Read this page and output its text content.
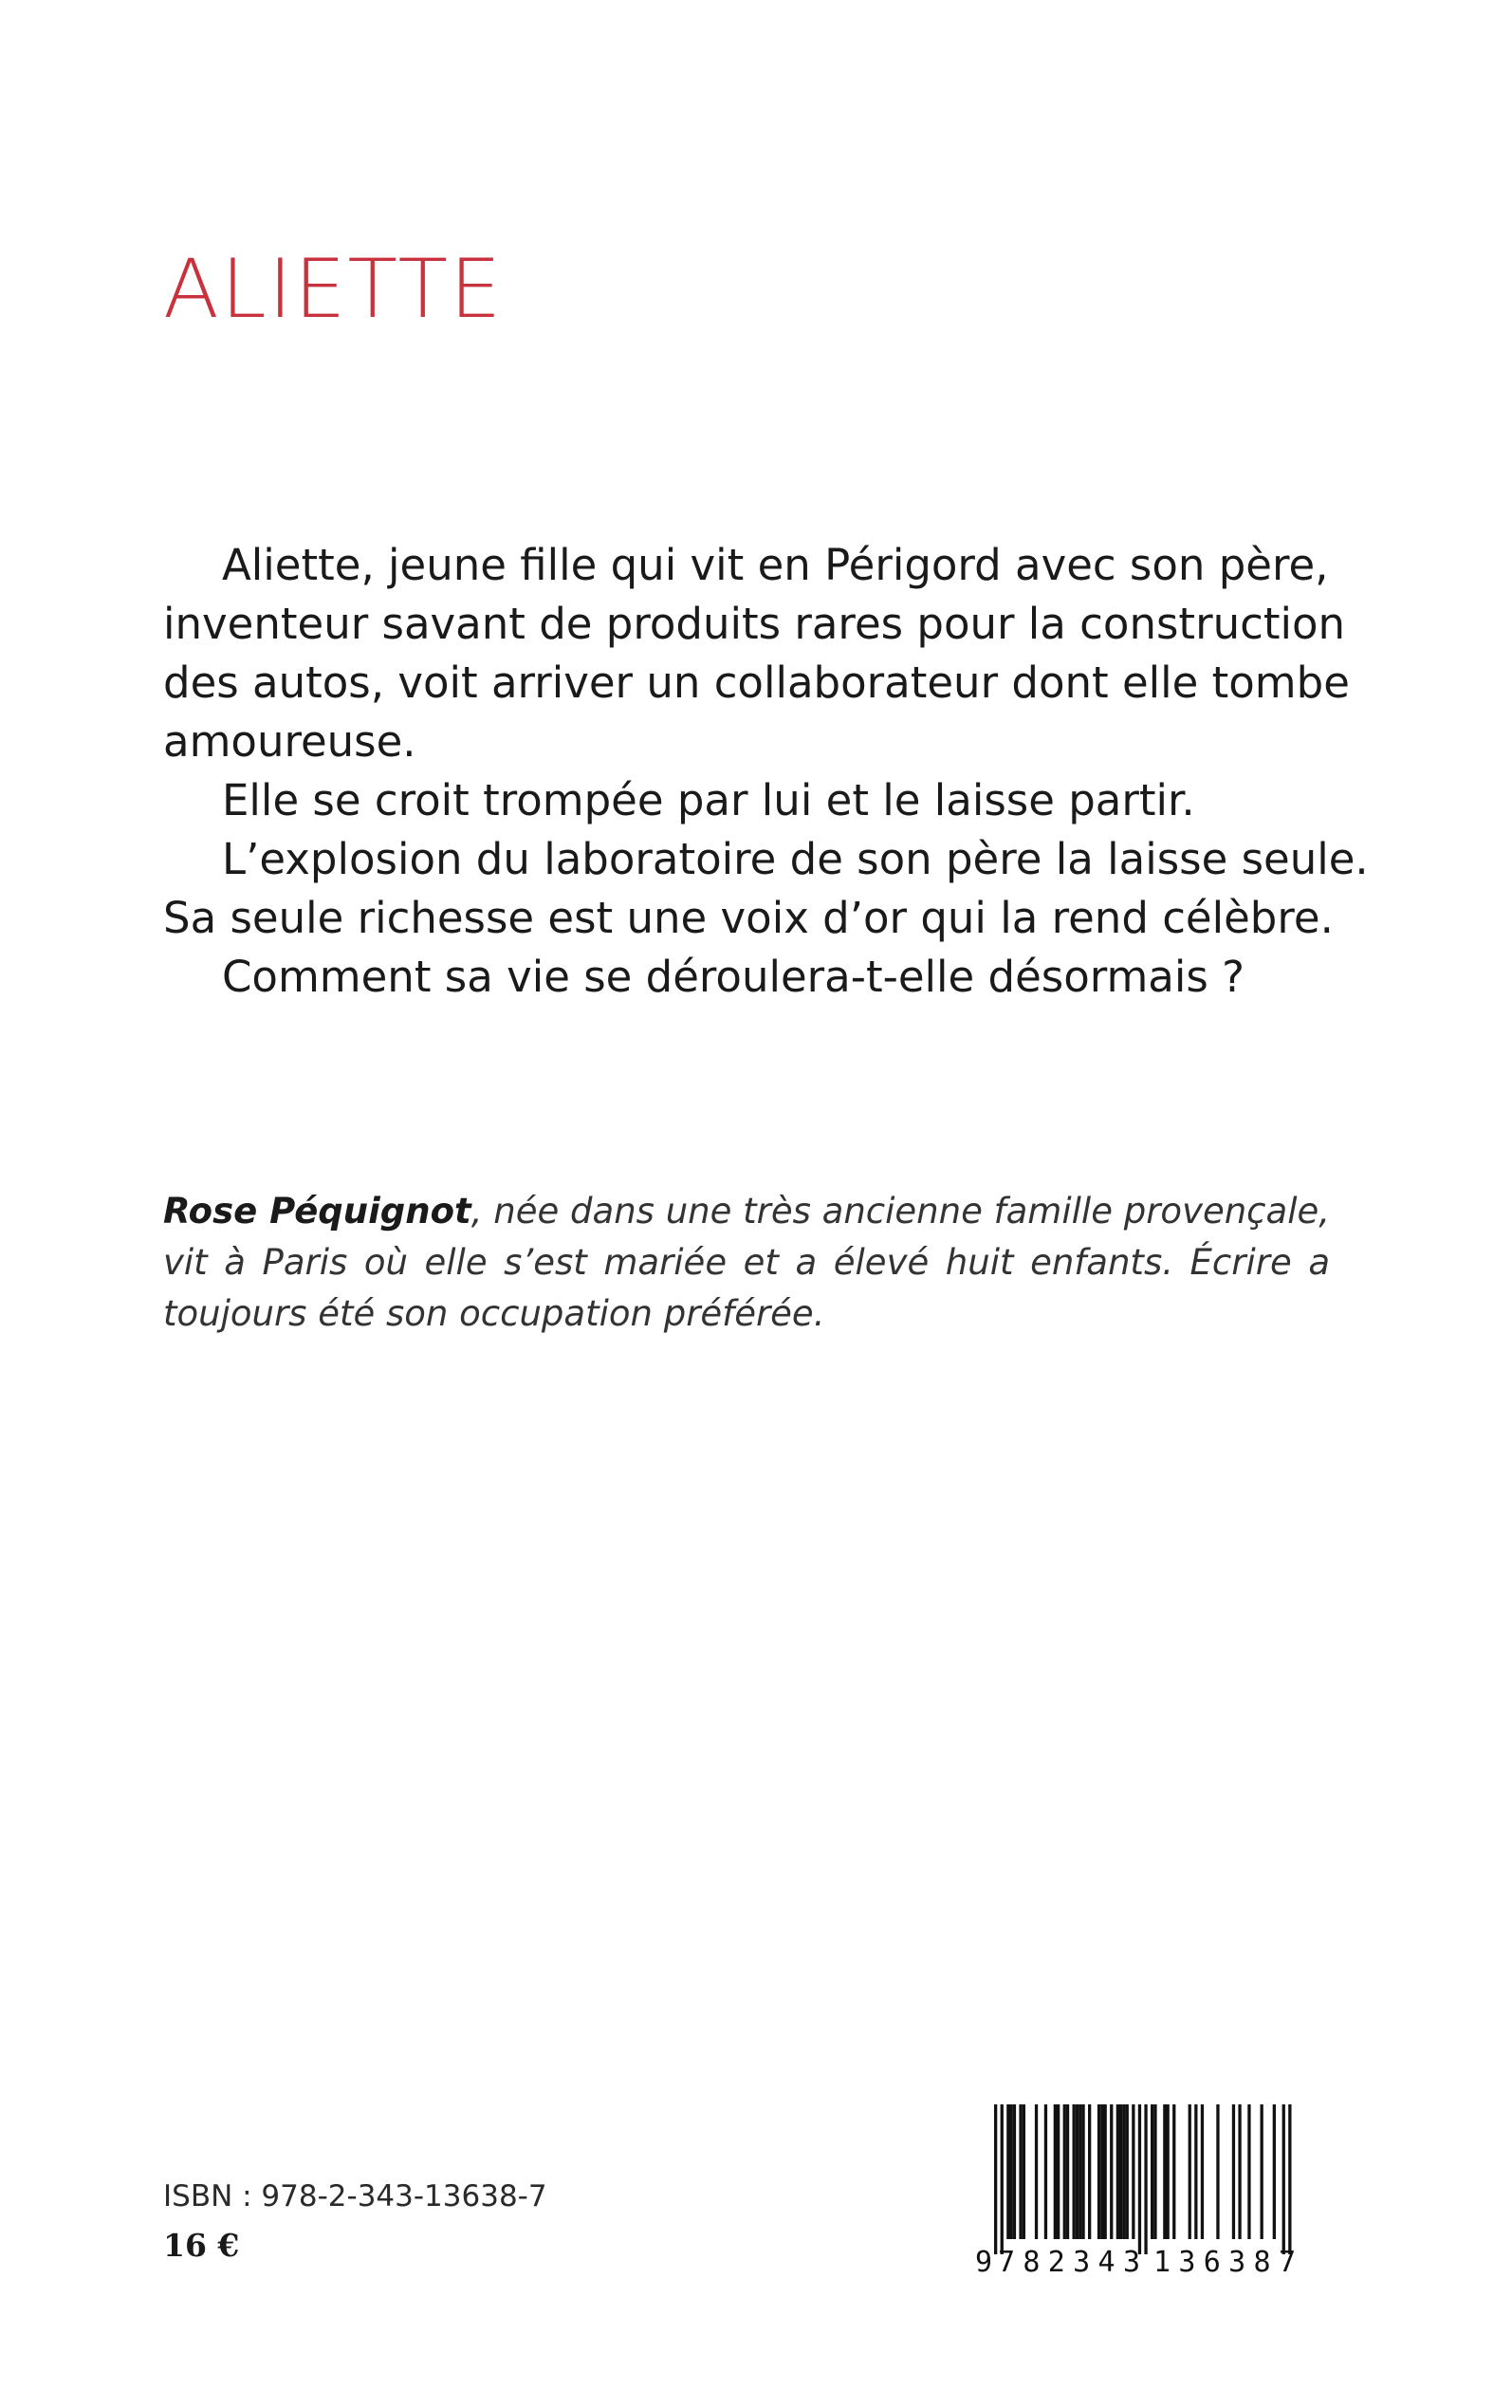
ALIETTE

Aliette, jeune fille qui vit en Périgord avec son père,

inventeur savant de produits rares pour la construction

des autos, voit arriver un collaborateur dont elle tombe

amoureuse.

Elle se croit trompée par lui et le laisse partir.

L’explosion du laboratoire de son père la laisse seule.

Sa seule richesse est une voix d’or qui la rend célèbre.

Comment sa vie se déroulera-t-elle désormais ?

Rose Péquignot, née dans une très ancienne famille provençale, vit à Paris où elle s’est mariée et a élevé huit enfants. Écrire a toujours été son occupation préférée.
ISBN : 978-2-343-13638-7
16 €	9 782343 136387
